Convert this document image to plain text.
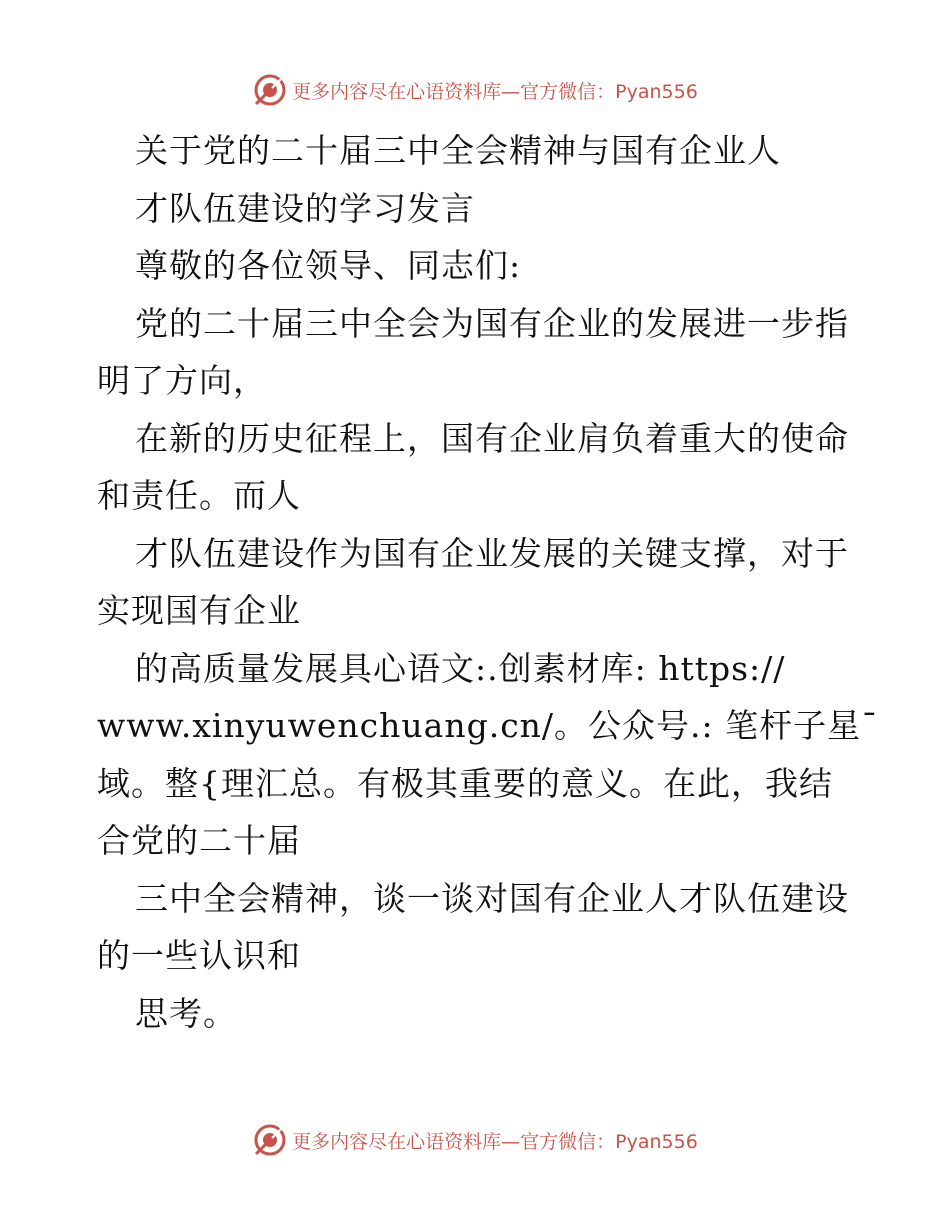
更多内容尽在心语资料库—官方微信：Pyan556
关于党的二十届三中全会精神与国有企业人
才队伍建设的学习发言
尊敬的各位领导、同志们:
党的二十届三中全会为国有企业的发展进一步指
明了方向，
在新的历史征程上，国有企业肩负着重大的使命
和责任。而人
才队伍建设作为国有企业发展的关键支撑，对于
实现国有企业
的高质量发展具心语文:.创素材库: https://
www.xinyuwenchuang.cn/。公众号.: 笔杆子星¯
域。整{理汇总。有极其重要的意义。在此，我结
合党的二十届
三中全会精神，谈一谈对国有企业人才队伍建设
的一些认识和
思考。
更多内容尽在心语资料库—官方微信：Pyan556
